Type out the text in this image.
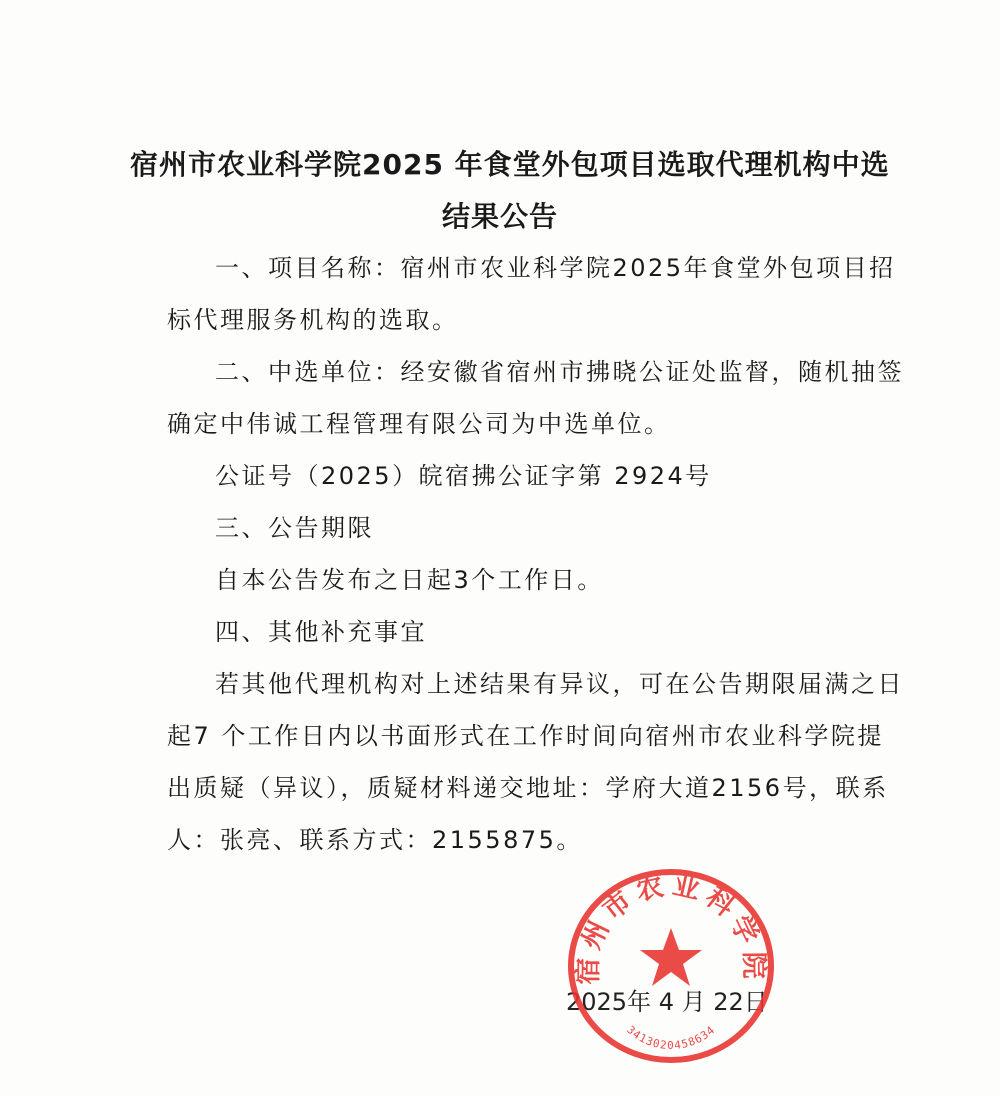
宿州市农业科学院2025 年食堂外包项目选取代理机构中选
结果公告
一、项目名称：宿州市农业科学院2025年食堂外包项目招
标代理服务机构的选取。
二、中选单位：经安徽省宿州市拂晓公证处监督，随机抽签
确定中伟诚工程管理有限公司为中选单位。
公证号（2025）皖宿拂公证字第 2924号
三、公告期限
自本公告发布之日起3个工作日。
四、其他补充事宜
若其他代理机构对上述结果有异议，可在公告期限届满之日
起7 个工作日内以书面形式在工作时间向宿州市农业科学院提
出质疑（异议），质疑材料递交地址：学府大道2156号，联系
人：张亮、联系方式：2155875。
2025年 4 月 22日
宿州市农业科学院
3413020458634
